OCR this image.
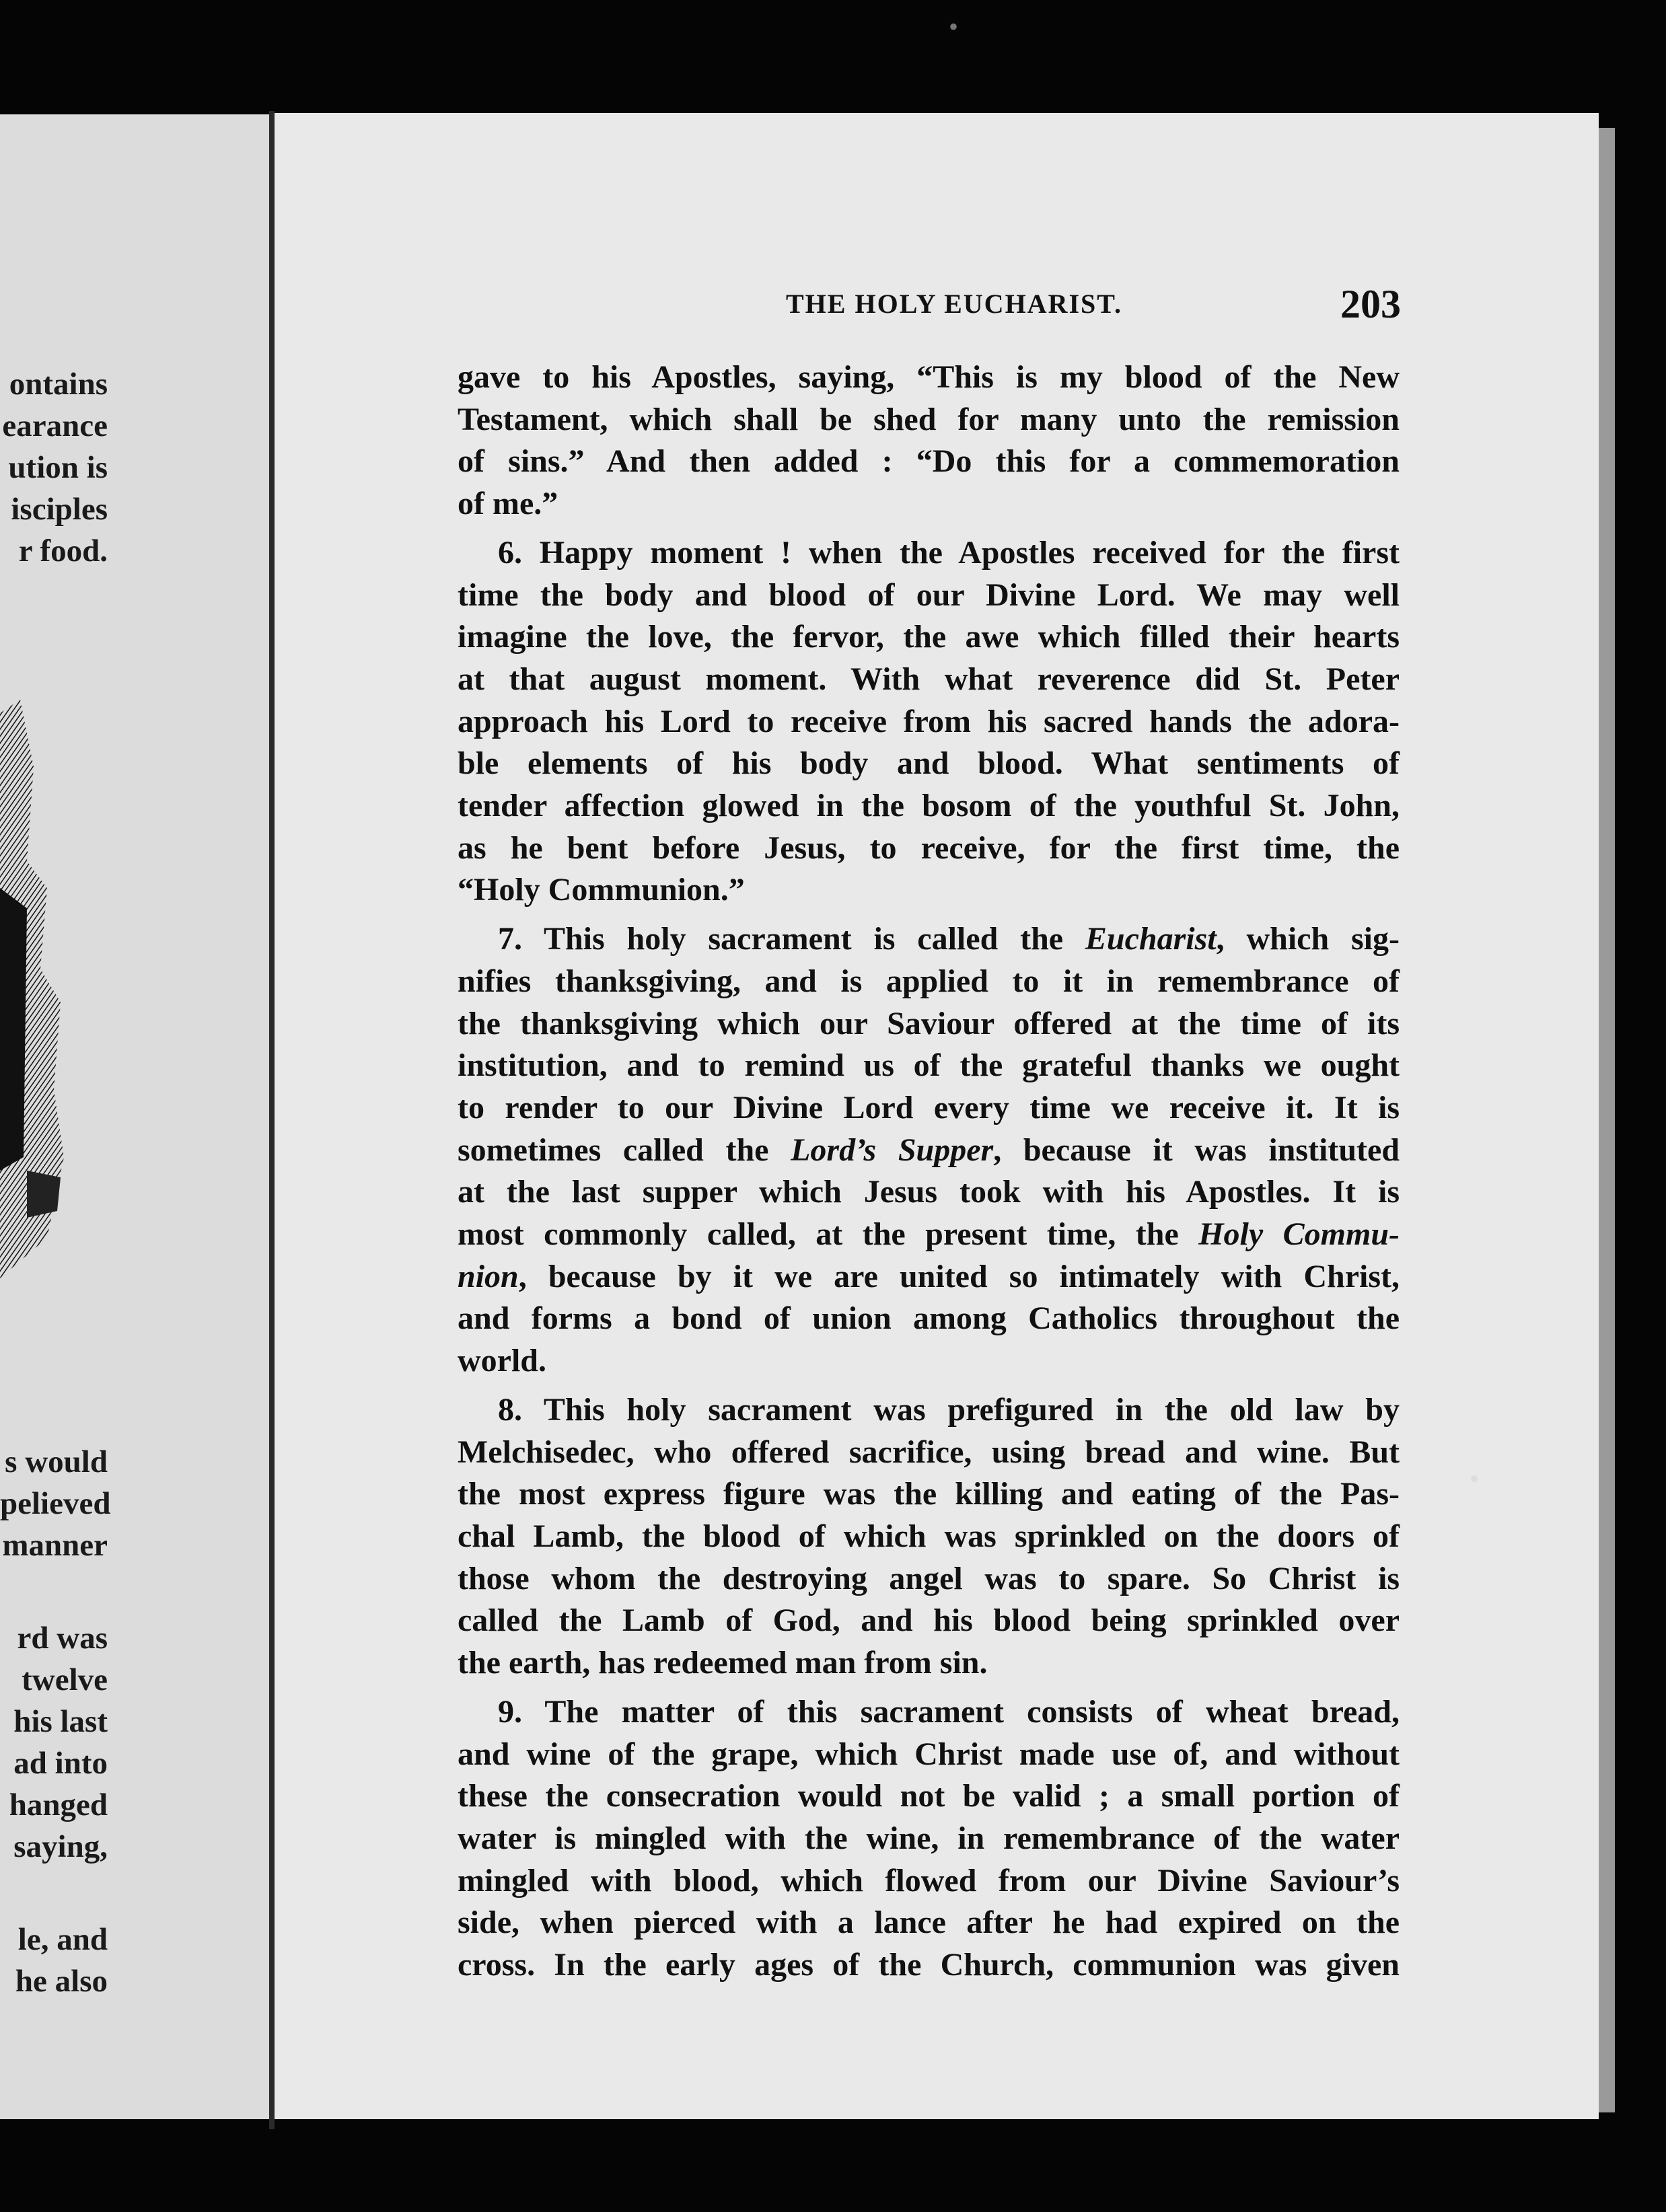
•
ontains
earance
ution is
isciples
r food.
s would
pelieved
manner
rd was
twelve
his last
ad into
hanged
saying,
le, and
he also
THE HOLY EUCHARIST.	203
gave to his Apostles, saying, “This is my blood of the New
Testament, which shall be shed for many unto the remission
of sins.” And then added : “Do this for a commemoration
of me.”
6. Happy moment ! when the Apostles received for the first
time the body and blood of our Divine Lord. We may well
imagine the love, the fervor, the awe which filled their hearts
at that august moment. With what reverence did St. Peter
approach his Lord to receive from his sacred hands the adora-
ble elements of his body and blood. What sentiments of
tender affection glowed in the bosom of the youthful St. John,
as he bent before Jesus, to receive, for the first time, the
“Holy Communion.”
7. This holy sacrament is called the Eucharist, which sig-
nifies thanksgiving, and is applied to it in remembrance of
the thanksgiving which our Saviour offered at the time of its
institution, and to remind us of the grateful thanks we ought
to render to our Divine Lord every time we receive it. It is
sometimes called the Lord’s Supper, because it was instituted
at the last supper which Jesus took with his Apostles. It is
most commonly called, at the present time, the Holy Commu-
nion, because by it we are united so intimately with Christ,
and forms a bond of union among Catholics throughout the
world.
8. This holy sacrament was prefigured in the old law by
Melchisedec, who offered sacrifice, using bread and wine. But
the most express figure was the killing and eating of the Pas-
chal Lamb, the blood of which was sprinkled on the doors of
those whom the destroying angel was to spare. So Christ is
called the Lamb of God, and his blood being sprinkled over
the earth, has redeemed man from sin.
9. The matter of this sacrament consists of wheat bread,
and wine of the grape, which Christ made use of, and without
these the consecration would not be valid ; a small portion of
water is mingled with the wine, in remembrance of the water
mingled with blood, which flowed from our Divine Saviour’s
side, when pierced with a lance after he had expired on the
cross. In the early ages of the Church, communion was given
